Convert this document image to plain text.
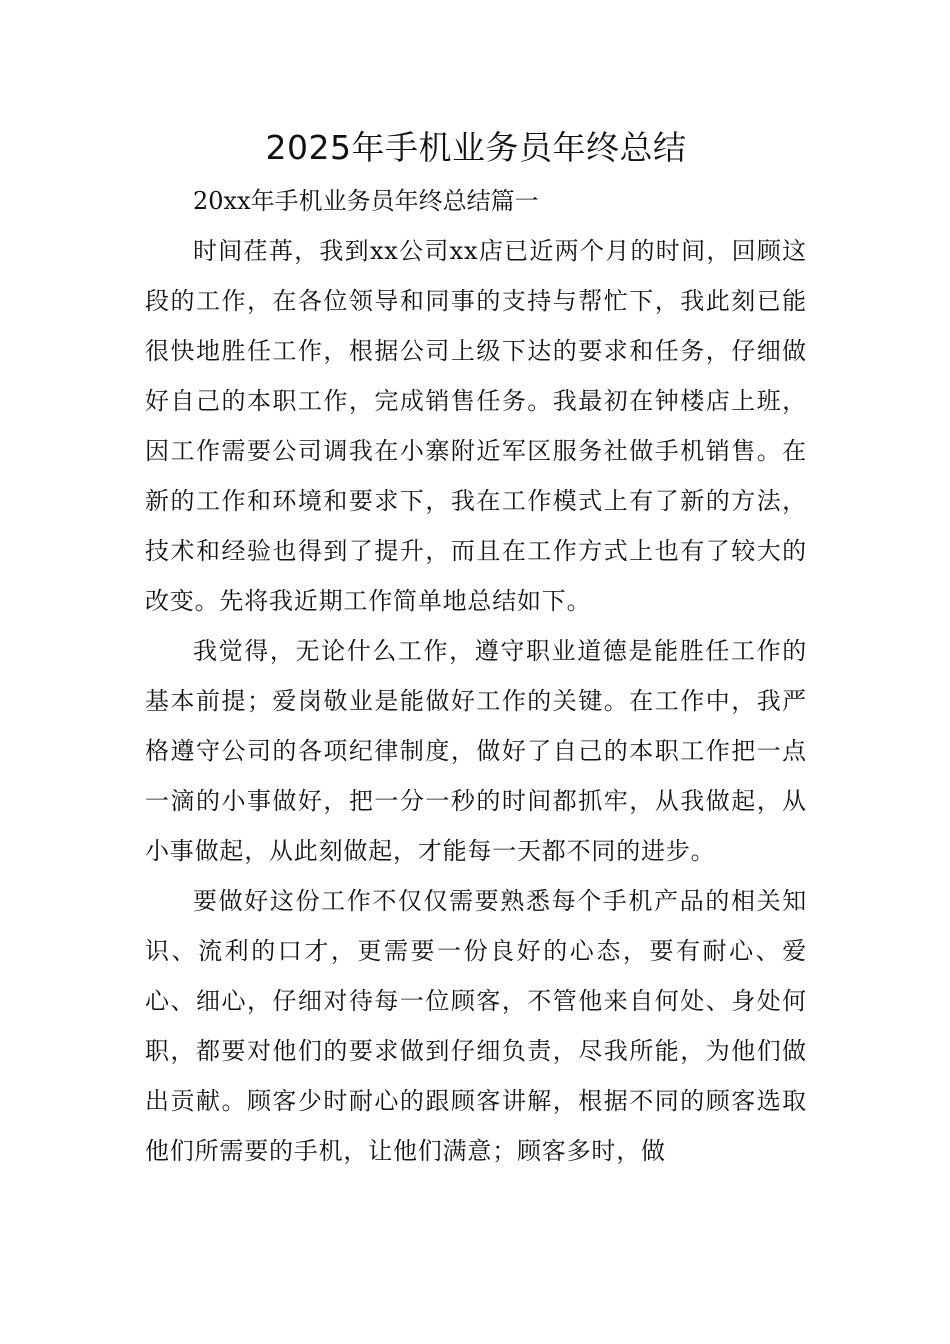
2025年手机业务员年终总结

20xx年手机业务员年终总结篇一

时间荏苒，我到xx公司xx店已近两个月的时间，回顾这段的工作，在各位领导和同事的支持与帮忙下，我此刻已能很快地胜任工作，根据公司上级下达的要求和任务，仔细做好自己的本职工作，完成销售任务。我最初在钟楼店上班，因工作需要公司调我在小寨附近军区服务社做手机销售。在新的工作和环境和要求下，我在工作模式上有了新的方法，技术和经验也得到了提升，而且在工作方式上也有了较大的改变。先将我近期工作简单地总结如下。

我觉得，无论什么工作，遵守职业道德是能胜任工作的基本前提；爱岗敬业是能做好工作的关键。在工作中，我严格遵守公司的各项纪律制度，做好了自己的本职工作把一点一滴的小事做好，把一分一秒的时间都抓牢，从我做起，从小事做起，从此刻做起，才能每一天都不同的进步。

要做好这份工作不仅仅需要熟悉每个手机产品的相关知识、流利的口才，更需要一份良好的心态，要有耐心、爱心、细心，仔细对待每一位顾客，不管他来自何处、身处何职，都要对他们的要求做到仔细负责，尽我所能，为他们做出贡献。顾客少时耐心的跟顾客讲解，根据不同的顾客选取他们所需要的手机，让他们满意；顾客多时，做
